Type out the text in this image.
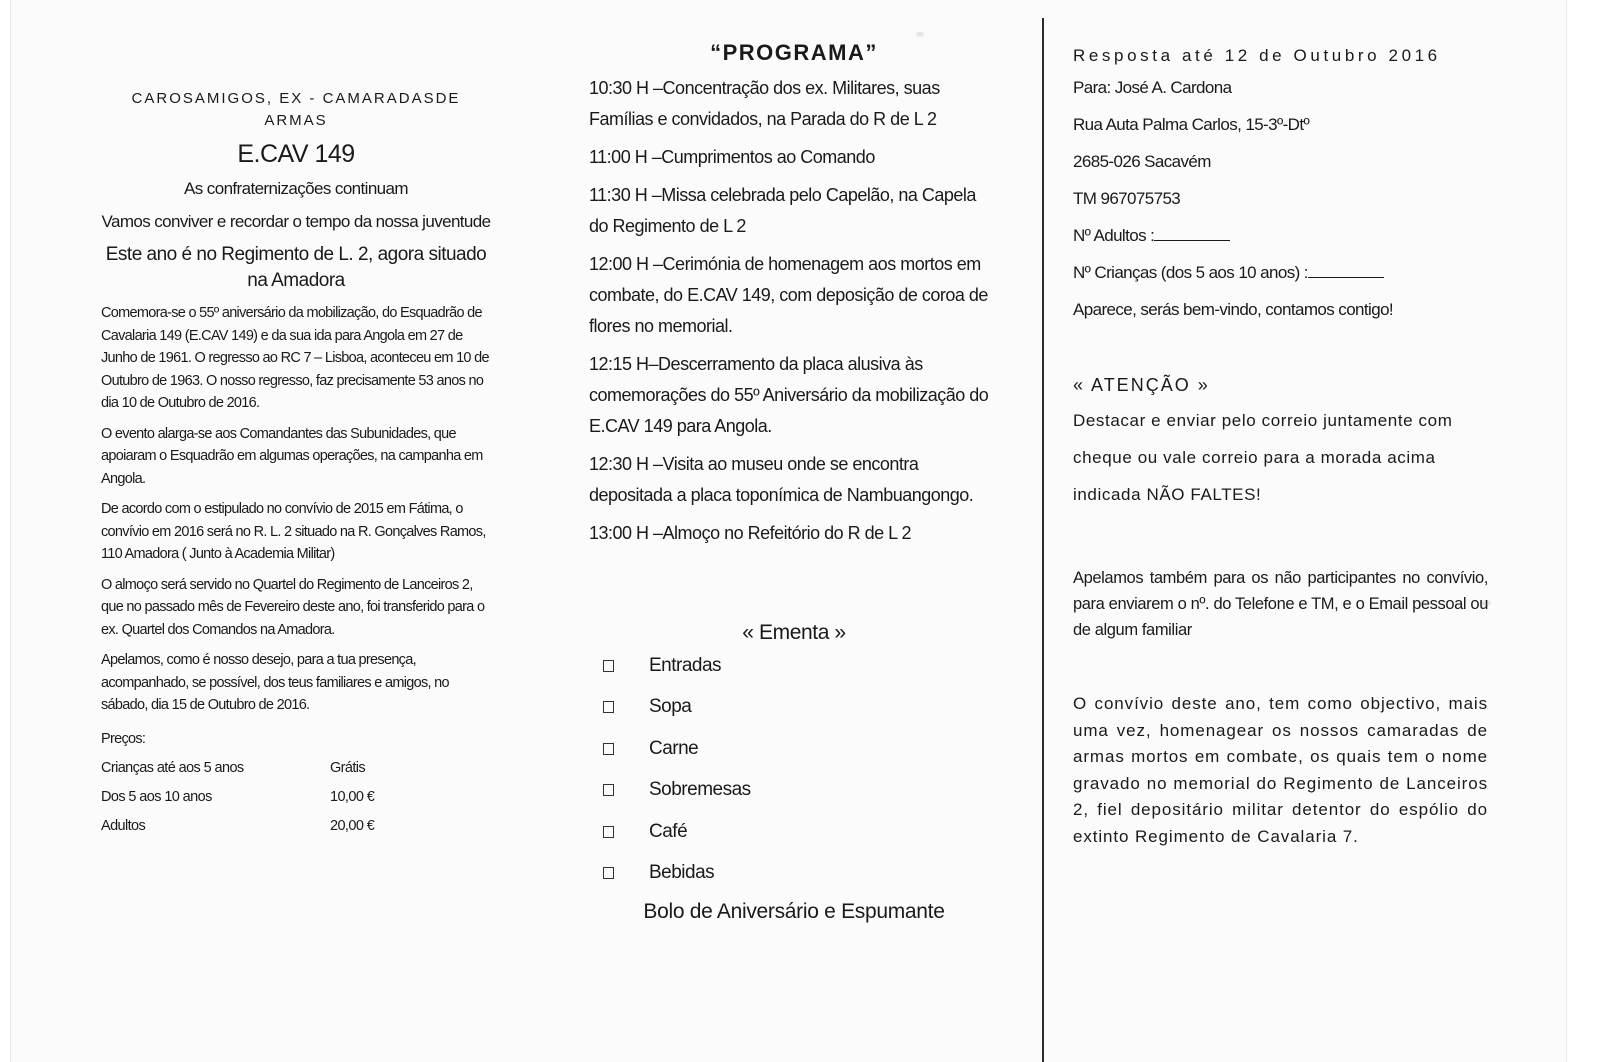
CAROSAMIGOS, EX - CAMARADASDE ARMAS
E.CAV 149
As confraternizações continuam
Vamos conviver e recordar o tempo da nossa juventude
Este ano é no Regimento de L. 2, agora situado na Amadora

Comemora-se o 55º aniversário da mobilização, do Esquadrão de Cavalaria 149 (E.CAV 149) e da sua ida para Angola em 27 de Junho de 1961. O regresso ao RC 7 – Lisboa, aconteceu em 10 de Outubro de 1963. O nosso regresso, faz precisamente 53 anos no dia 10 de Outubro de 2016.

O evento alarga-se aos Comandantes das Subunidades, que apoiaram o Esquadrão em algumas operações, na campanha em Angola.

De acordo com o estipulado no convívio de 2015 em Fátima, o convívio em 2016 será no R. L. 2 situado na R. Gonçalves Ramos, 110 Amadora ( Junto à Academia Militar)

O almoço será servido no Quartel do Regimento de Lanceiros 2, que no passado mês de Fevereiro deste ano, foi transferido para o ex. Quartel dos Comandos na Amadora.

Apelamos, como é nosso desejo, para a tua presença, acompanhado, se possível, dos teus familiares e amigos, no sábado, dia 15 de Outubro de 2016.

Preços:
Crianças até aos 5 anos	Grátis
Dos 5 aos 10 anos	10,00 €
Adultos	20,00 €
“PROGRAMA”
10:30 H –Concentração dos ex. Militares, suas Famílias e convidados, na Parada do R de L 2
11:00 H –Cumprimentos ao Comando
11:30 H –Missa celebrada pelo Capelão, na Capela do Regimento de L 2
12:00 H –Cerimónia de homenagem aos mortos em combate, do E.CAV 149, com deposição de coroa de flores no memorial.
12:15 H–Descerramento da placa alusiva às comemorações do 55º Aniversário da mobilização do E.CAV 149 para Angola.
12:30 H –Visita ao museu onde se encontra depositada a placa toponímica de Nambuangongo.
13:00 H –Almoço no Refeitório do R de L 2
« Ementa »
Entradas
Sopa
Carne
Sobremesas
Café
Bebidas
Bolo de Aniversário e Espumante
Resposta até 12 de Outubro 2016
Para: José A. Cardona
Rua Auta Palma Carlos, 15-3º-Dtº
2685-026 Sacavém
TM 967075753
Nº Adultos :
Nº Crianças (dos 5 aos 10 anos) :
Aparece, serás bem-vindo, contamos contigo!
« ATENÇÃO »
Destacar e enviar pelo correio juntamente com cheque ou vale correio para a morada acima indicada NÃO FALTES!
Apelamos também para os não participantes no convívio, para enviarem o nº. do Telefone e TM, e o Email pessoal ou de algum familiar
O convívio deste ano, tem como objectivo, mais uma vez, homenagear os nossos camaradas de armas mortos em combate, os quais tem o nome gravado no memorial do Regimento de Lanceiros 2, fiel depositário militar detentor do espólio do extinto Regimento de Cavalaria 7.
